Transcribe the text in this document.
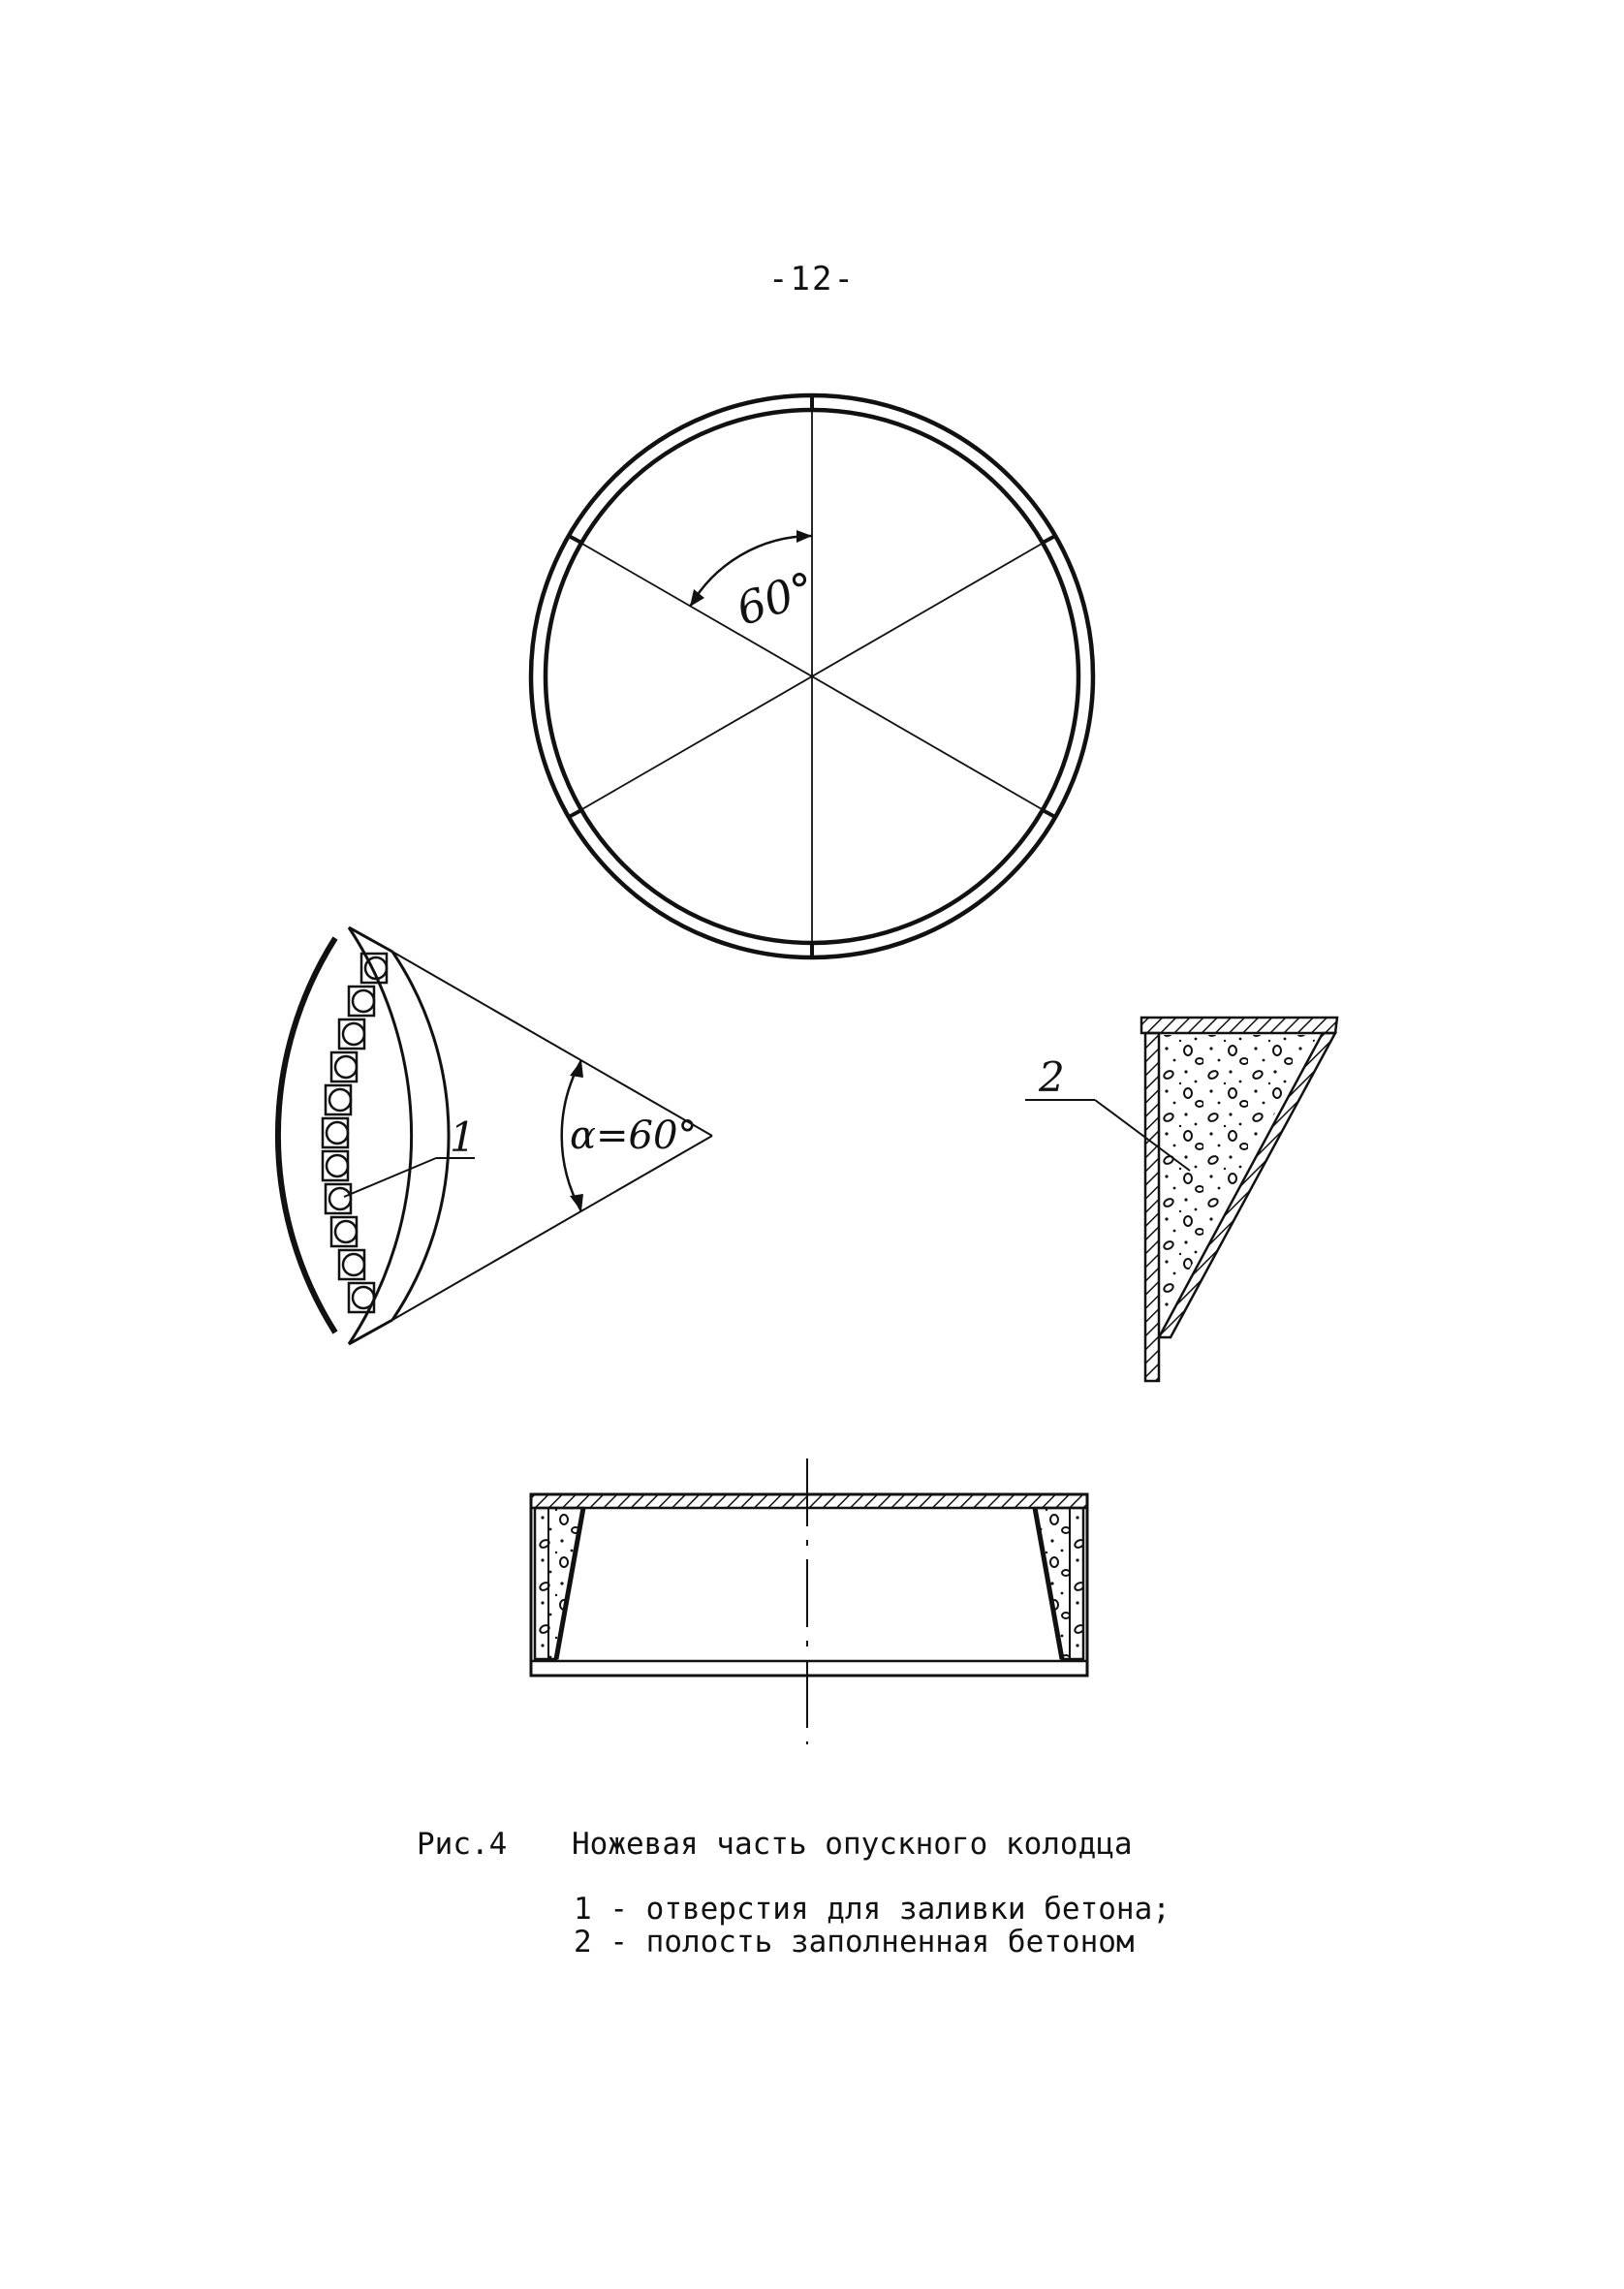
-12-
60°
α=60°
1
2
Рис.4 Ножевая часть опускного колодца
1 - отверстия для заливки бетона;
2 - полость заполненная бетоном
